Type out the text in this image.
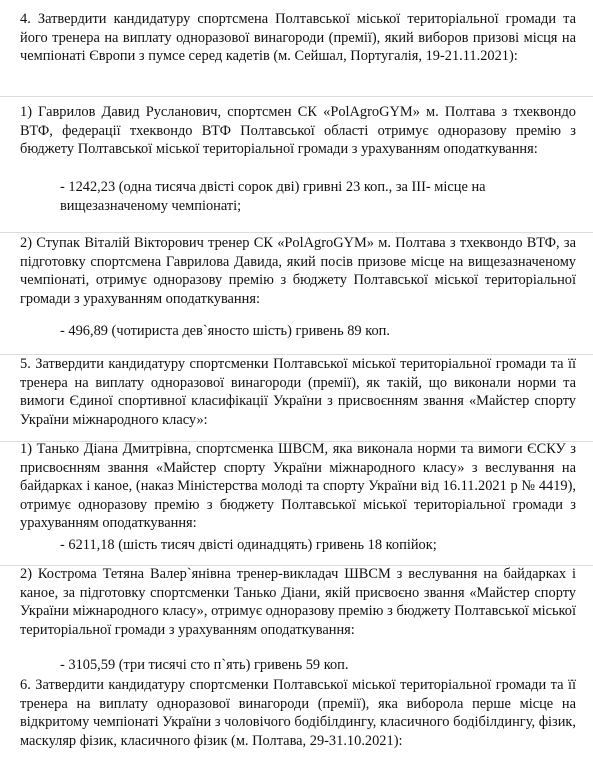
4. Затвердити кандидатуру спортсмена Полтавської міської територіальної громади та його тренера на виплату одноразової винагороди (премії), який виборов призові місця на чемпіонаті Європи з пумсе серед кадетів (м. Сейшал, Португалія, 19-21.11.2021):

1) Гаврилов Давид Русланович, спортсмен СК «PolAgroGYM» м. Полтава з тхеквондо ВТФ, федерації тхеквондо ВТФ Полтавської області отримує одноразову премію з бюджету Полтавської міської територіальної громади з урахуванням оподаткування:

- 1242,23 (одна тисяча двісті сорок дві) гривні 23 коп., за ІІІ- місце на вищезазначеному чемпіонаті;

2) Ступак Віталій Вікторович тренер СК «PolAgroGYM» м. Полтава з тхеквондо ВТФ, за підготовку спортсмена Гаврилова Давида, який посів призове місце на вищезазначеному чемпіонаті, отримує одноразову премію з бюджету Полтавської міської територіальної громади з урахуванням оподаткування:

- 496,89 (чотириста дев`яносто шість) гривень 89 коп.

5. Затвердити кандидатуру спортсменки Полтавської міської територіальної громади та її тренера на виплату одноразової винагороди (премії), як такій, що виконали норми та вимоги Єдиної спортивної класифікації України з присвоєнням звання «Майстер спорту України міжнародного класу»:

1) Танько Діана Дмитрівна, спортсменка ШВСМ, яка виконала норми та вимоги ЄСКУ з присвоєнням звання «Майстер спорту України міжнародного класу» з веслування на байдарках і каное, (наказ Міністерства молоді та спорту України від 16.11.2021 р № 4419), отримує одноразову премію з бюджету Полтавської міської територіальної громади з урахуванням оподаткування:

- 6211,18 (шість тисяч двісті одинадцять) гривень 18 копійок;

2) Кострома Тетяна Валер`янівна тренер-викладач ШВСМ з веслування на байдарках і каное, за підготовку спортсменки Танько Діани, якій присвоєно звання «Майстер спорту України міжнародного класу», отримує одноразову премію з бюджету Полтавської міської територіальної громади з урахуванням оподаткування:

- 3105,59 (три тисячі сто п`ять) гривень 59 коп.

6. Затвердити кандидатуру спортсменки Полтавської міської територіальної громади та її тренера на виплату одноразової винагороди (премії), яка виборола перше місце на відкритому чемпіонаті України з чоловічого бодібілдингу, класичного бодібілдингу, фізик, маскуляр фізик, класичного фізик (м. Полтава, 29-31.10.2021):
